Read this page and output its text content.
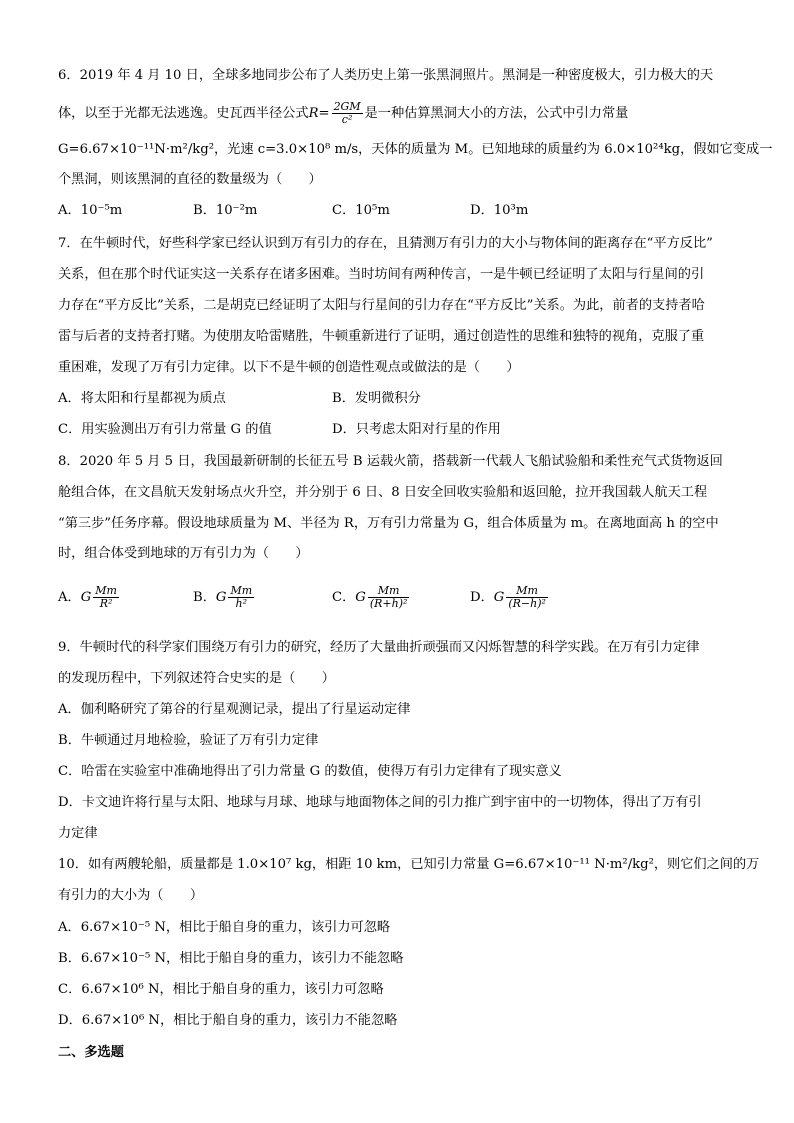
6．2019 年 4 月 10 日，全球多地同步公布了人类历史上第一张黑洞照片。黑洞是一种密度极大，引力极大的天
体，以至于光都无法逃逸。史瓦西半径公式$R= \frac{2GM}{\text{c²}}$ 是一种估算黑洞大小的方法，公式中引力常量
G=6.67×10⁻¹¹N·m²/kg²，光速 c=3.0×10⁸ m/s，天体的质量为 M。已知地球的质量约为 6.0×10²⁴kg，假如它变成一
个黑洞，则该黑洞的直径的数量级为（　　）
A．10⁻⁵m	B．10⁻²m	C．10⁵m	D．10³m
7．在牛顿时代，好些科学家已经认识到万有引力的存在，且猜测万有引力的大小与物体间的距离存在“平方反比”
关系，但在那个时代证实这一关系存在诸多困难。当时坊间有两种传言，一是牛顿已经证明了太阳与行星间的引
力存在“平方反比”关系，二是胡克已经证明了太阳与行星间的引力存在“平方反比”关系。为此，前者的支持者哈
雷与后者的支持者打赌。为使朋友哈雷赌胜，牛顿重新进行了证明，通过创造性的思维和独特的视角，克服了重
重困难，发现了万有引力定律。以下不是牛顿的创造性观点或做法的是（　　）
A．将太阳和行星都视为质点	B．发明微积分
C．用实验测出万有引力常量 G 的值	D．只考虑太阳对行星的作用
8．2020 年 5 月 5 日，我国最新研制的长征五号 B 运载火箭，搭载新一代载人飞船试验船和柔性充气式货物返回
舱组合体，在文昌航天发射场点火升空，并分别于 6 日、8 日安全回收实验船和返回舱，拉开我国载人航天工程
“第三步”任务序幕。假设地球质量为 M、半径为 R，万有引力常量为 G，组合体质量为 m。在离地面高 h 的空中
时，组合体受到地球的万有引力为（　　）
A．G $\frac{Mm}{\text{R²}}$	B．G $\frac{Mm}{\text{h²}}$	C．G $\frac{Mm}{\text{(R+h)²}}$	D．G $\frac{Mm}{\text{(R−h)²}}$
9．牛顿时代的科学家们围绕万有引力的研究，经历了大量曲折顽强而又闪烁智慧的科学实践。在万有引力定律
的发现历程中，下列叙述符合史实的是（　　）
A．伽利略研究了第谷的行星观测记录，提出了行星运动定律
B．牛顿通过月地检验，验证了万有引力定律
C．哈雷在实验室中准确地得出了引力常量 G 的数值，使得万有引力定律有了现实意义
D．卡文迪许将行星与太阳、地球与月球、地球与地面物体之间的引力推广到宇宙中的一切物体，得出了万有引
力定律
10．如有两艘轮船，质量都是 1.0×10⁷ kg，相距 10 km，已知引力常量 G=6.67×10⁻¹¹ N·m²/kg²，则它们之间的万
有引力的大小为（　　）
A．6.67×10⁻⁵ N，相比于船自身的重力，该引力可忽略
B．6.67×10⁻⁵ N，相比于船自身的重力，该引力不能忽略
C．6.67×10⁶ N，相比于船自身的重力，该引力可忽略
D．6.67×10⁶ N，相比于船自身的重力，该引力不能忽略
二、多选题
